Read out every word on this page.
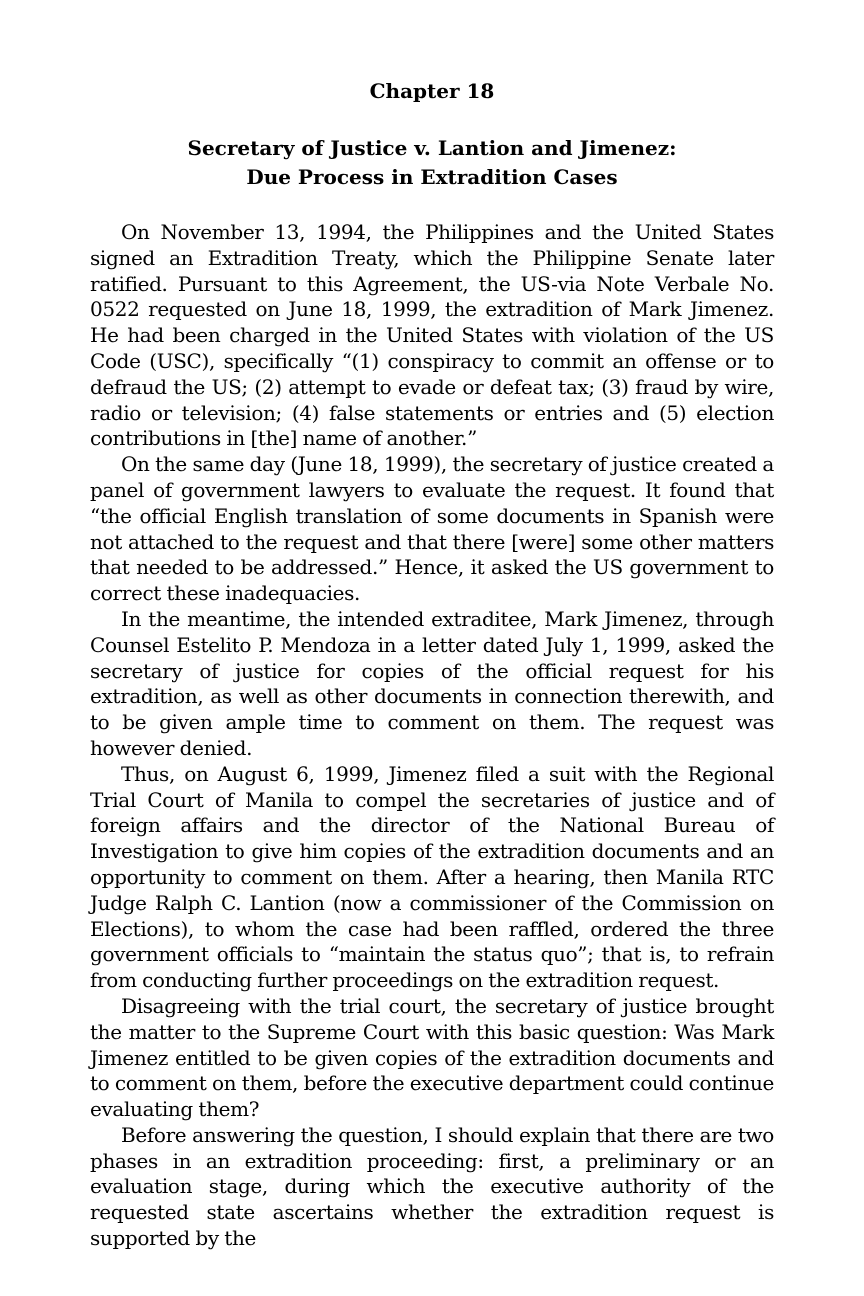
Chapter 18
Secretary of Justice v. Lantion and Jimenez:
Due Process in Extradition Cases

On November 13, 1994, the Philippines and the United States signed an Extradition Treaty, which the Philippine Senate later ratified. Pursuant to this Agreement, the US-via Note Verbale No. 0522 requested on June 18, 1999, the extradition of Mark Jimenez. He had been charged in the United States with violation of the US Code (USC), specifically “(1) conspiracy to commit an offense or to defraud the US; (2) attempt to evade or defeat tax; (3) fraud by wire, radio or television; (4) false statements or entries and (5) election contributions in [the] name of another.”

On the same day (June 18, 1999), the secretary of justice created a panel of government lawyers to evaluate the request. It found that “the official English translation of some documents in Spanish were not attached to the request and that there [were] some other matters that needed to be addressed.” Hence, it asked the US government to correct these inadequacies.

In the meantime, the intended extraditee, Mark Jimenez, through Counsel Estelito P. Mendoza in a letter dated July 1, 1999, asked the secretary of justice for copies of the official request for his extradition, as well as other documents in connection therewith, and to be given ample time to comment on them. The request was however denied.

Thus, on August 6, 1999, Jimenez filed a suit with the Regional Trial Court of Manila to compel the secretaries of justice and of foreign affairs and the director of the National Bureau of Investigation to give him copies of the extradition documents and an opportunity to comment on them. After a hearing, then Manila RTC Judge Ralph C. Lantion (now a commissioner of the Commission on Elections), to whom the case had been raffled, ordered the three government officials to “maintain the status quo”; that is, to refrain from conducting further proceedings on the extradition request.

Disagreeing with the trial court, the secretary of justice brought the matter to the Supreme Court with this basic question: Was Mark Jimenez entitled to be given copies of the extradition documents and to comment on them, before the executive department could continue evaluating them?

Before answering the question, I should explain that there are two phases in an extradition proceeding: first, a preliminary or an evaluation stage, during which the executive authority of the requested state ascertains whether the extradition request is supported by the
